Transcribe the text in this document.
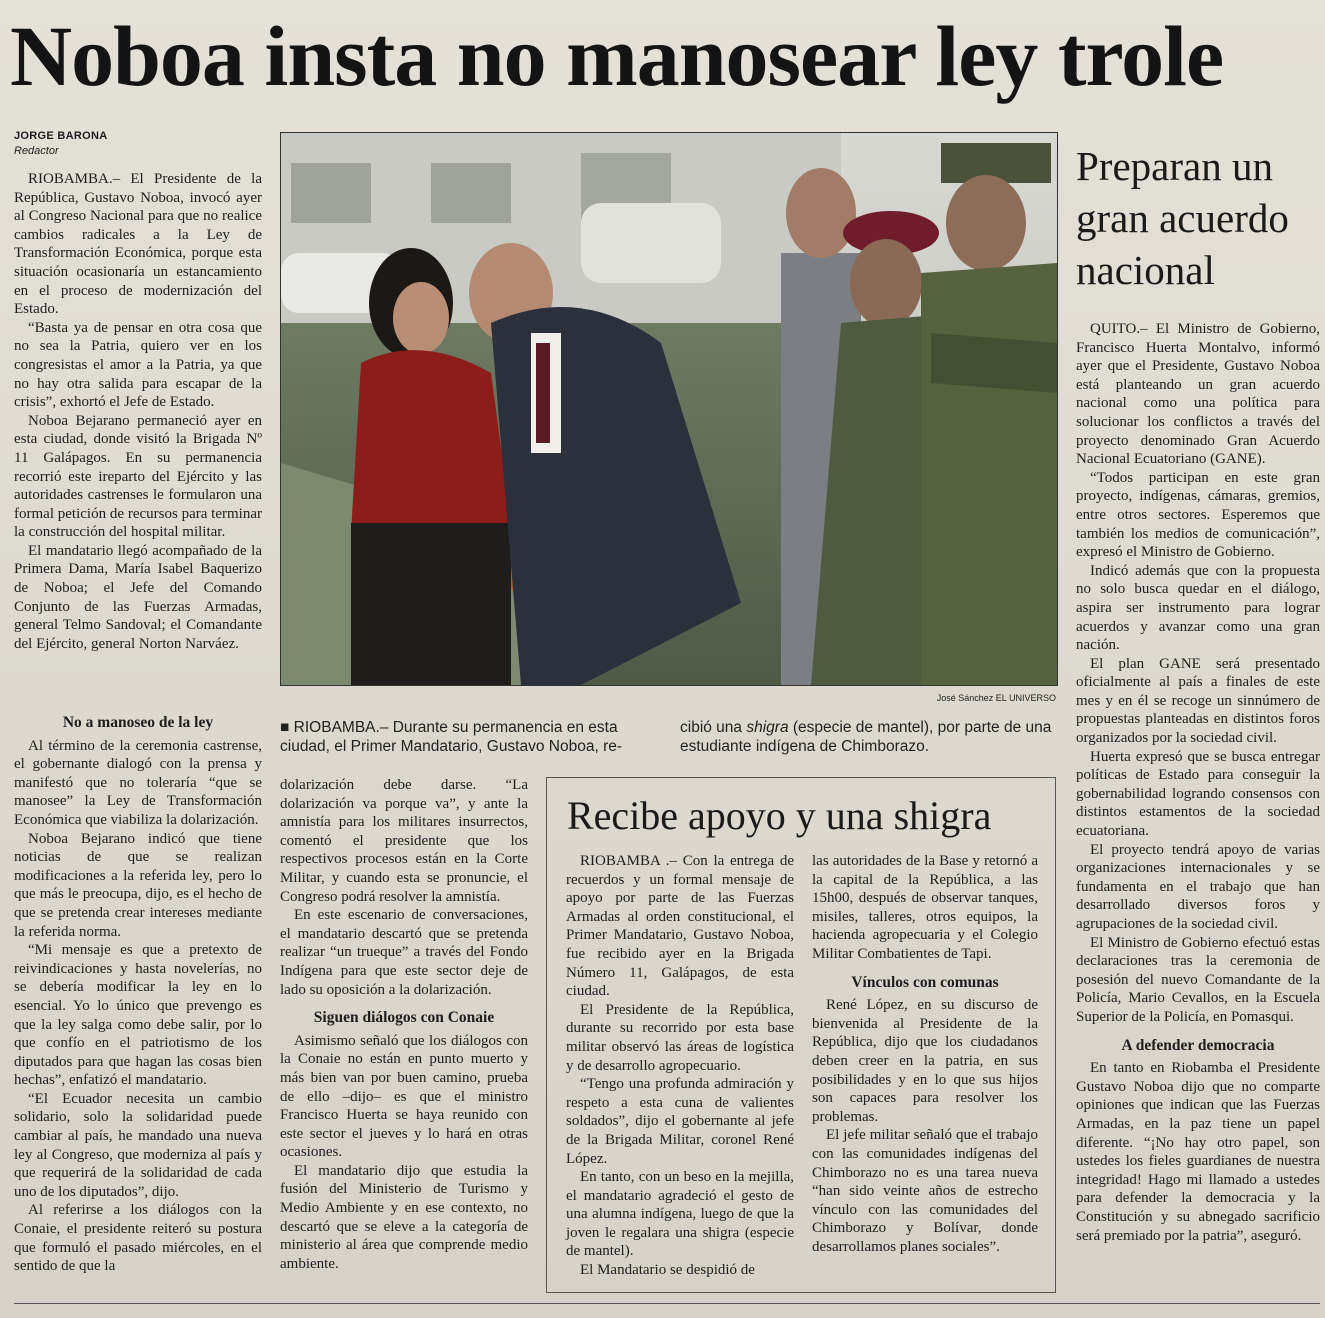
Noboa insta no manosear ley trole
JORGE BARONA
Redactor

RIOBAMBA.– El Presidente de la República, Gustavo Noboa, invocó ayer al Congreso Nacional para que no realice cambios radicales a la Ley de Transformación Económica, porque esta situación ocasionaría un estancamiento en el proceso de modernización del Estado.

“Basta ya de pensar en otra cosa que no sea la Patria, quiero ver en los congresistas el amor a la Patria, ya que no hay otra salida para escapar de la crisis”, exhortó el Jefe de Estado.

Noboa Bejarano permaneció ayer en esta ciudad, donde visitó la Brigada Nº 11 Galápagos. En su permanencia recorrió este ireparto del Ejército y las autoridades castrenses le formularon una formal petición de recursos para terminar la construcción del hospital militar.

El mandatario llegó acompañado de la Primera Dama, María Isabel Baquerizo de Noboa; el Jefe del Comando Conjunto de las Fuerzas Armadas, general Telmo Sandoval; el Comandante del Ejército, general Norton Narváez.

No a manoseo de la ley

Al término de la ceremonia castrense, el gobernante dialogó con la prensa y manifestó que no toleraría “que se manosee” la Ley de Transformación Económica que viabiliza la dolarización.

Noboa Bejarano indicó que tiene noticias de que se realizan modificaciones a la referida ley, pero lo que más le preocupa, dijo, es el hecho de que se pretenda crear intereses mediante la referida norma.

“Mi mensaje es que a pretexto de reivindicaciones y hasta novelerías, no se debería modificar la ley en lo esencial. Yo lo único que prevengo es que la ley salga como debe salir, por lo que confío en el patriotismo de los diputados para que hagan las cosas bien hechas”, enfatizó el mandatario.

“El Ecuador necesita un cambio solidario, solo la solidaridad puede cambiar al país, he mandado una nueva ley al Congreso, que moderniza al país y que requerirá de la solidaridad de cada uno de los diputados”, dijo.

Al referirse a los diálogos con la Conaie, el presidente reiteró su postura que formuló el pasado miércoles, en el sentido de que la

José Sánchez EL UNIVERSO
■ RIOBAMBA.– Durante su permanencia en esta ciudad, el Primer Mandatario, Gustavo Noboa, re-
cibió una shigra (especie de mantel), por parte de una estudiante indígena de Chimborazo.

dolarización debe darse. “La dolarización va porque va”, y ante la amnistía para los militares insurrectos, comentó el presidente que los respectivos procesos están en la Corte Militar, y cuando esta se pronuncie, el Congreso podrá resolver la amnistía.

En este escenario de conversaciones, el mandatario descartó que se pretenda realizar “un trueque” a través del Fondo Indígena para que este sector deje de lado su oposición a la dolarización.

Siguen diálogos con Conaie

Asimismo señaló que los diálogos con la Conaie no están en punto muerto y más bien van por buen camino, prueba de ello –dijo– es que el ministro Francisco Huerta se haya reunido con este sector el jueves y lo hará en otras ocasiones.

El mandatario dijo que estudia la fusión del Ministerio de Turismo y Medio Ambiente y en ese contexto, no descartó que se eleve a la categoría de ministerio al área que comprende medio ambiente.

Recibe apoyo y una shigra

RIOBAMBA .– Con la entrega de recuerdos y un formal mensaje de apoyo por parte de las Fuerzas Armadas al orden constitucional, el Primer Mandatario, Gustavo Noboa, fue recibido ayer en la Brigada Número 11, Galápagos, de esta ciudad.

El Presidente de la República, durante su recorrido por esta base militar observó las áreas de logística y de desarrollo agropecuario.

“Tengo una profunda admiración y respeto a esta cuna de valientes soldados”, dijo el gobernante al jefe de la Brigada Militar, coronel René López.

En tanto, con un beso en la mejilla, el mandatario agradeció el gesto de una alumna indígena, luego de que la joven le regalara una shigra (especie de mantel).

El Mandatario se despidió de

las autoridades de la Base y retornó a la capital de la República, a las 15h00, después de observar tanques, misiles, talleres, otros equipos, la hacienda agropecuaria y el Colegio Militar Combatientes de Tapi.

Vínculos con comunas

René López, en su discurso de bienvenida al Presidente de la República, dijo que los ciudadanos deben creer en la patria, en sus posibilidades y en lo que sus hijos son capaces para resolver los problemas.

El jefe militar señaló que el trabajo con las comunidades indígenas del Chimborazo no es una tarea nueva “han sido veinte años de estrecho vínculo con las comunidades del Chimborazo y Bolívar, donde desarrollamos planes sociales”.

Preparan un gran acuerdo nacional

QUITO.– El Ministro de Gobierno, Francisco Huerta Montalvo, informó ayer que el Presidente, Gustavo Noboa está planteando un gran acuerdo nacional como una política para solucionar los conflictos a través del proyecto denominado Gran Acuerdo Nacional Ecuatoriano (GANE).

“Todos participan en este gran proyecto, indígenas, cámaras, gremios, entre otros sectores. Esperemos que también los medios de comunicación”, expresó el Ministro de Gobierno.

Indicó además que con la propuesta no solo busca quedar en el diálogo, aspira ser instrumento para lograr acuerdos y avanzar como una gran nación.

El plan GANE será presentado oficialmente al país a finales de este mes y en él se recoge un sinnúmero de propuestas planteadas en distintos foros organizados por la sociedad civil.

Huerta expresó que se busca entregar políticas de Estado para conseguir la gobernabilidad logrando consensos con distintos estamentos de la sociedad ecuatoriana.

El proyecto tendrá apoyo de varias organizaciones internacionales y se fundamenta en el trabajo que han desarrollado diversos foros y agrupaciones de la sociedad civil.

El Ministro de Gobierno efectuó estas declaraciones tras la ceremonia de posesión del nuevo Comandante de la Policía, Mario Cevallos, en la Escuela Superior de la Policía, en Pomasqui.

A defender democracia

En tanto en Riobamba el Presidente Gustavo Noboa dijo que no comparte opiniones que indican que las Fuerzas Armadas, en la paz tiene un papel diferente. “¡No hay otro papel, son ustedes los fieles guardianes de nuestra integridad! Hago mi llamado a ustedes para defender la democracia y la Constitución y su abnegado sacrificio será premiado por la patria”, aseguró.
